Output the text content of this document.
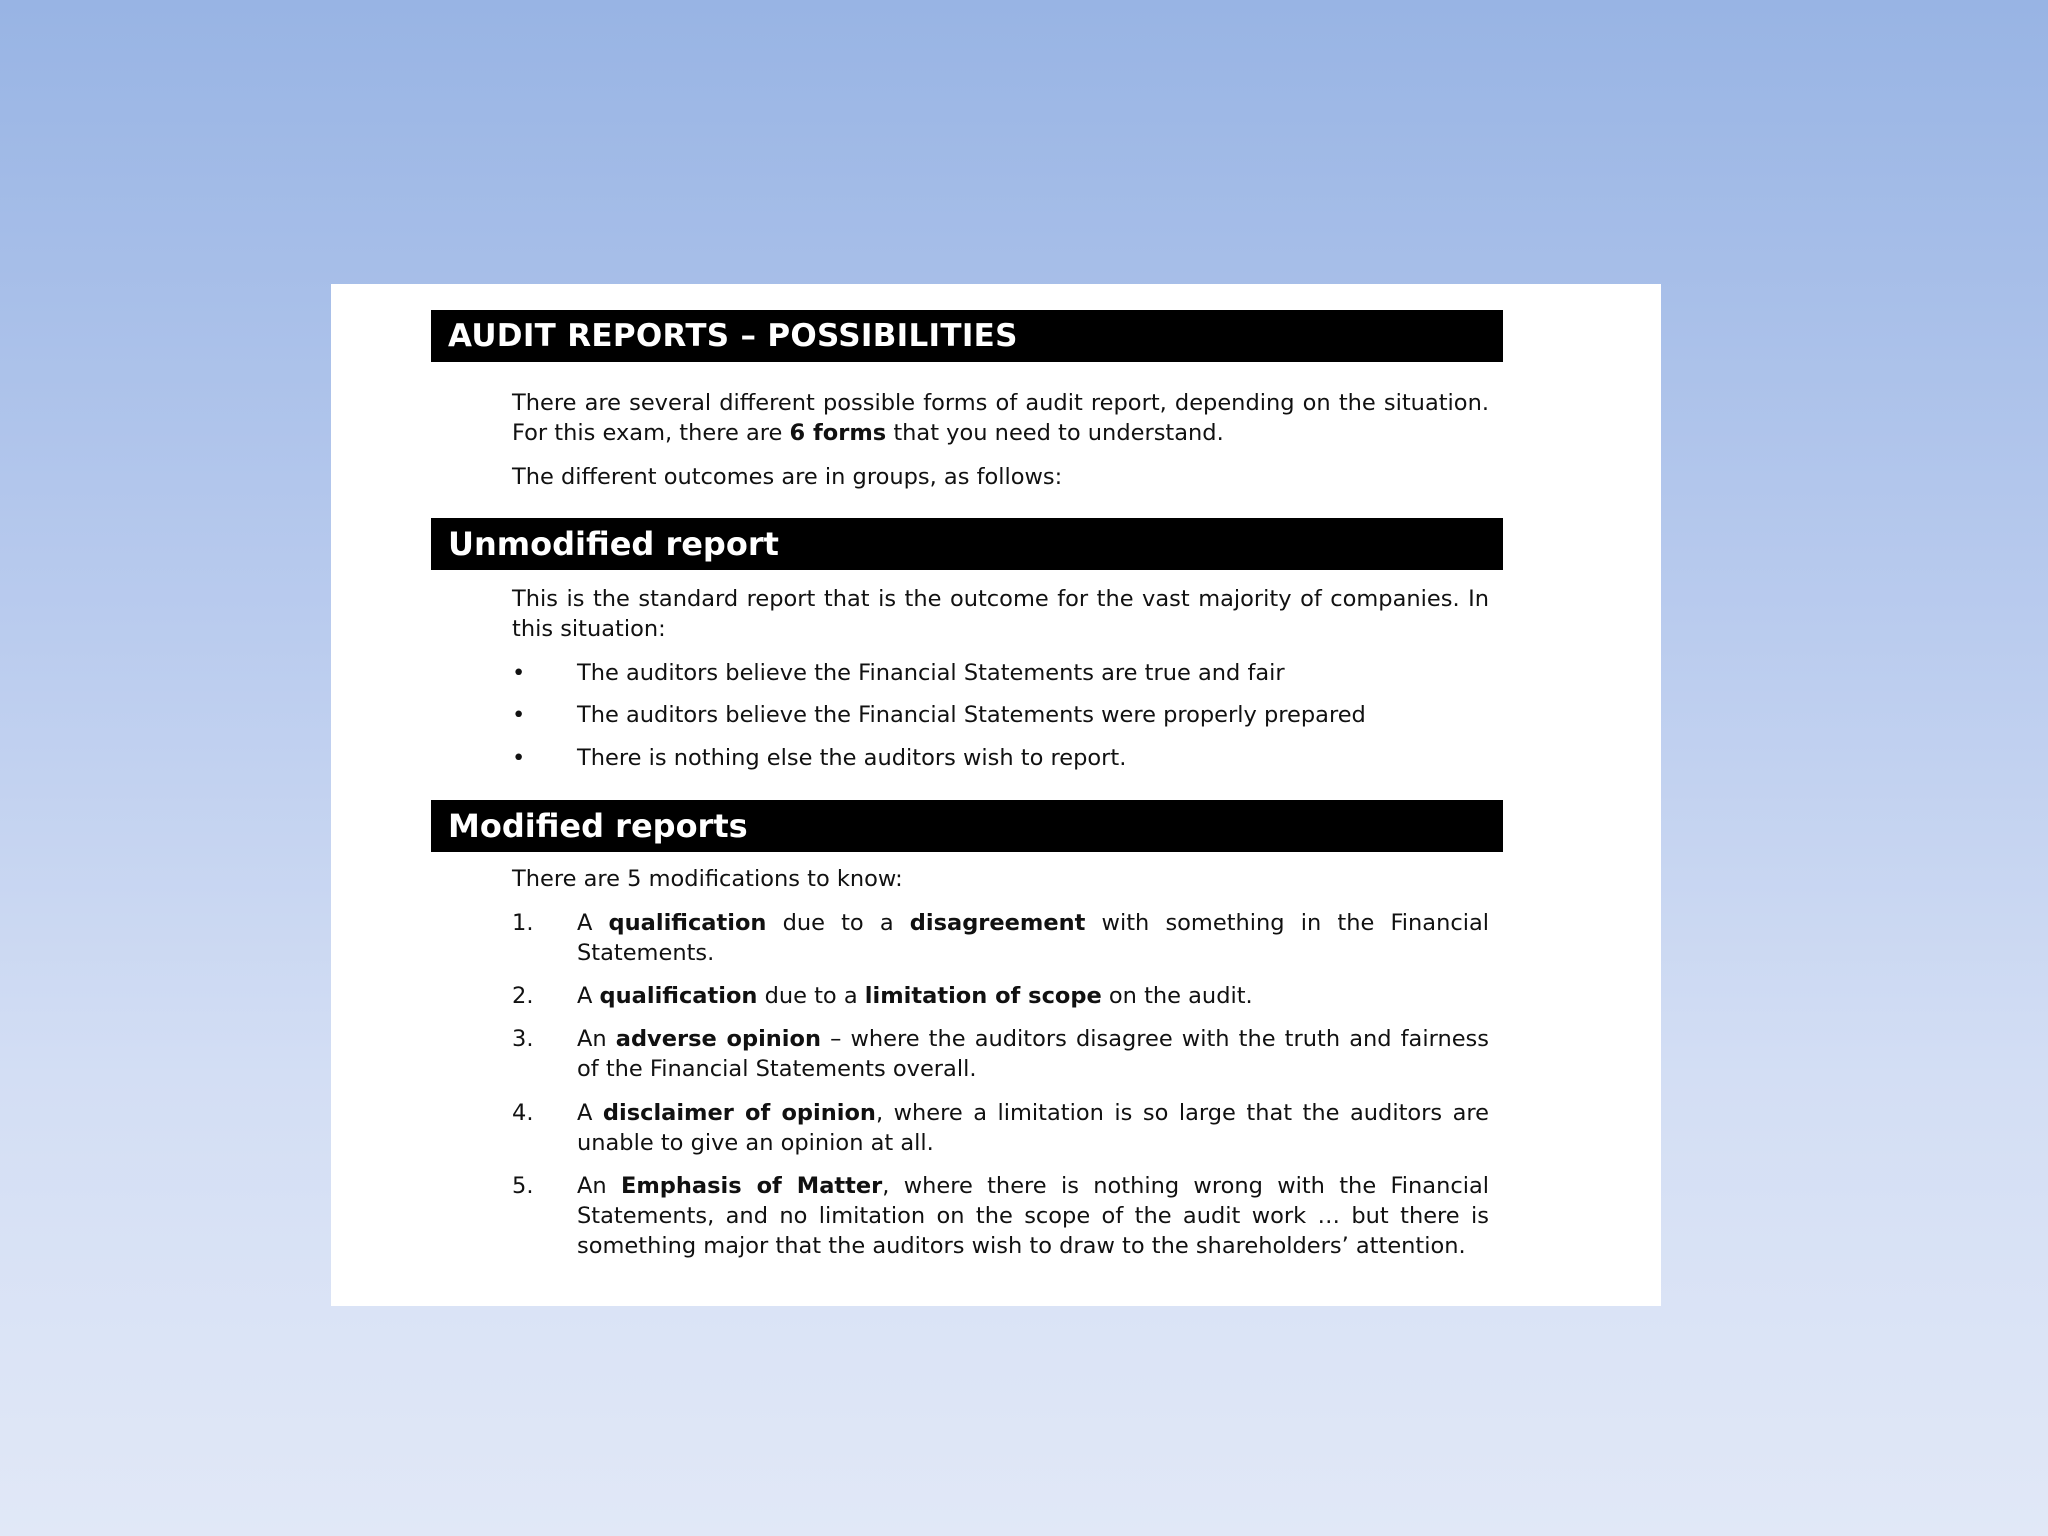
AUDIT REPORTS – POSSIBILITIES

There are several different possible forms of audit report, depending on the situation. For this exam, there are 6 forms that you need to understand.

The different outcomes are in groups, as follows:

Unmodified report

This is the standard report that is the outcome for the vast majority of companies. In this situation:

•	The auditors believe the Financial Statements are true and fair
•	The auditors believe the Financial Statements were properly prepared
•	There is nothing else the auditors wish to report.
Modified reports

There are 5 modifications to know:

1.	A qualification due to a disagreement with something in the Financial Statements.
2.	A qualification due to a limitation of scope on the audit.
3.	An adverse opinion – where the auditors disagree with the truth and fairness of the Financial Statements overall.
4.	A disclaimer of opinion, where a limitation is so large that the auditors are unable to give an opinion at all.
5.	An Emphasis of Matter, where there is nothing wrong with the Financial Statements, and no limitation on the scope of the audit work … but there is something major that the auditors wish to draw to the shareholders’ attention.
